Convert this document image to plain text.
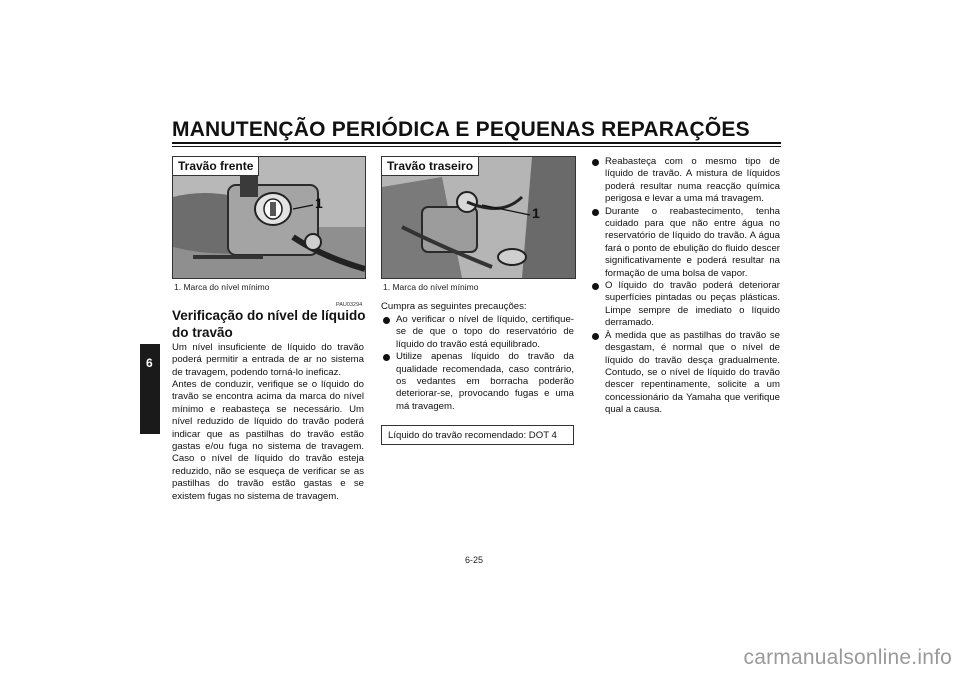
MANUTENÇÃO PERIÓDICA E PEQUENAS REPARAÇÕES
6
Travão frente
1
1. Marca do nível mínimo
Travão traseiro
1
1. Marca do nível mínimo
PAU03294
Verificação do nível de líquido do travão
Um nível insuficiente de líquido do travão poderá permitir a entrada de ar no sistema de travagem, podendo torná-lo ineficaz.
Antes de conduzir, verifique se o líquido do travão se encontra acima da marca do nível mínimo e reabasteça se necessário. Um nível reduzido de líquido do travão poderá indicar que as pastilhas do travão estão gastas e/ou fuga no sistema de travagem. Caso o nível de líquido do travão esteja reduzido, não se esqueça de verificar se as pastilhas do travão estão gastas e se existem fugas no sistema de travagem.
Cumpra as seguintes precauções:
Ao verificar o nível de líquido, certifique-se de que o topo do reservatório de líquido do travão está equilibrado.
Utilize apenas líquido do travão da qualidade recomendada, caso contrário, os vedantes em borracha poderão deteriorar-se, provocando fugas e uma má travagem.
Líquido do travão recomendado: DOT 4
Reabasteça com o mesmo tipo de líquido de travão. A mistura de líquidos poderá resultar numa reacção química perigosa e levar a uma má travagem.
Durante o reabastecimento, tenha cuidado para que não entre água no reservatório de líquido do travão. A água fará o ponto de ebulição do fluido descer significativamente e poderá resultar na formação de uma bolsa de vapor.
O líquido do travão poderá deteriorar superfícies pintadas ou peças plásticas. Limpe sempre de imediato o líquido derramado.
À medida que as pastilhas do travão se desgastam, é normal que o nível de líquido do travão desça gradualmente. Contudo, se o nível de líquido do travão descer repentinamente, solicite a um concessionário da Yamaha que verifique qual a causa.
6-25
carmanualsonline.info
